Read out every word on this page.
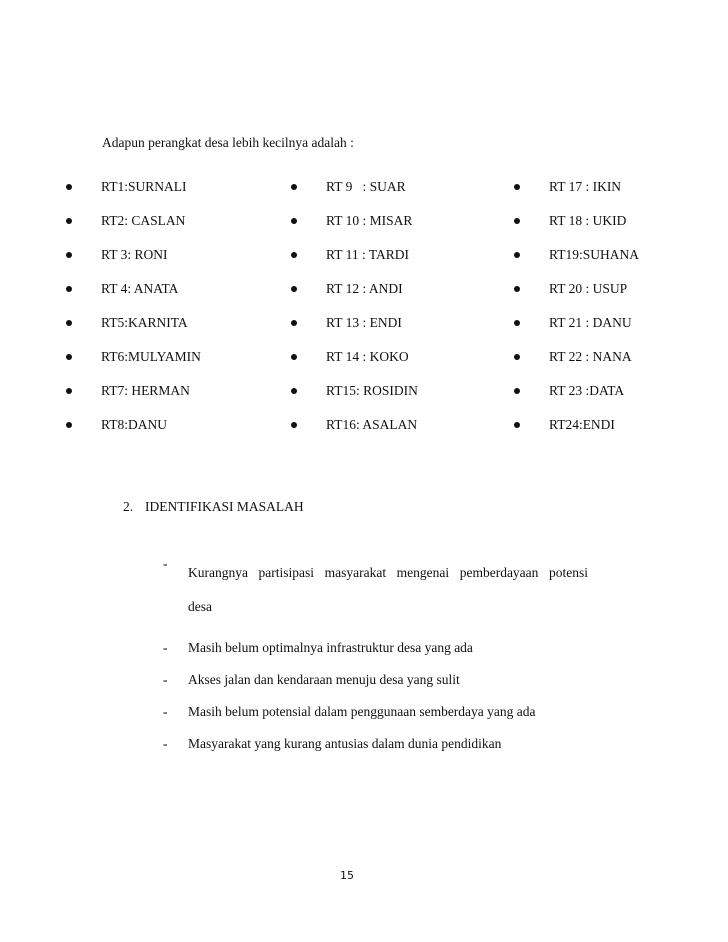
Adapun perangkat desa lebih kecilnya adalah :
RT1:SURNALI
RT2: CASLAN
RT 3: RONI
RT 4: ANATA
RT5:KARNITA
RT6:MULYAMIN
RT7: HERMAN
RT8:DANU
RT 9   : SUAR
RT 10 : MISAR
RT 11 : TARDI
RT 12 : ANDI
RT 13 : ENDI
RT 14 : KOKO
RT15: ROSIDIN
RT16: ASALAN
RT 17 : IKIN
RT 18 : UKID
RT19:SUHANA
RT 20 : USUP
RT 21 : DANU
RT 22 : NANA
RT 23 :DATA
RT24:ENDI
2. IDENTIFIKASI MASALAH
-
Kurangnya partisipasi masyarakat mengenai pemberdayaan potensi desa
- Masih belum optimalnya infrastruktur desa yang ada
- Akses jalan dan kendaraan menuju desa yang sulit
- Masih belum potensial dalam penggunaan semberdaya yang ada
- Masyarakat yang kurang antusias dalam dunia pendidikan
15
